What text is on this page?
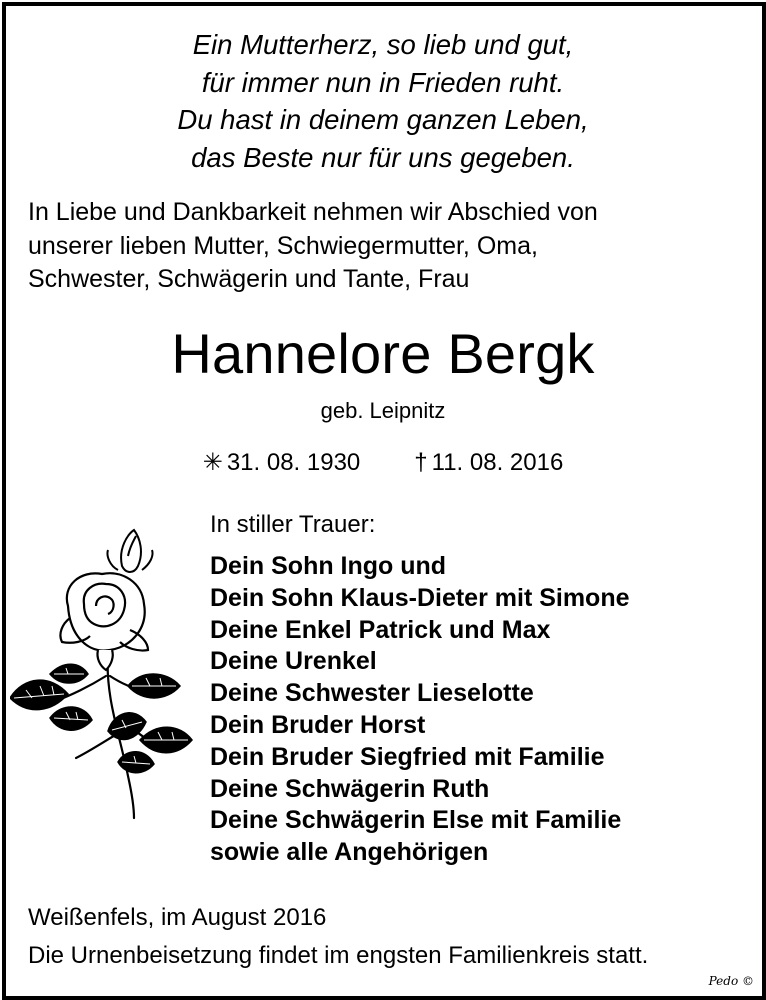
Ein Mutterherz, so lieb und gut,
für immer nun in Frieden ruht.
Du hast in deinem ganzen Leben,
das Beste nur für uns gegeben.
In Liebe und Dankbarkeit nehmen wir Abschied von
unserer lieben Mutter, Schwiegermutter, Oma,
Schwester, Schwägerin und Tante, Frau
Hannelore Bergk
geb. Leipnitz
✳ 31. 08. 1930 † 11. 08. 2016
In stiller Trauer:
Dein Sohn Ingo und
Dein Sohn Klaus-Dieter mit Simone
Deine Enkel Patrick und Max
Deine Urenkel
Deine Schwester Lieselotte
Dein Bruder Horst
Dein Bruder Siegfried mit Familie
Deine Schwägerin Ruth
Deine Schwägerin Else mit Familie
sowie alle Angehörigen
Weißenfels, im August 2016
Die Urnenbeisetzung findet im engsten Familienkreis statt.
Pedo ©
